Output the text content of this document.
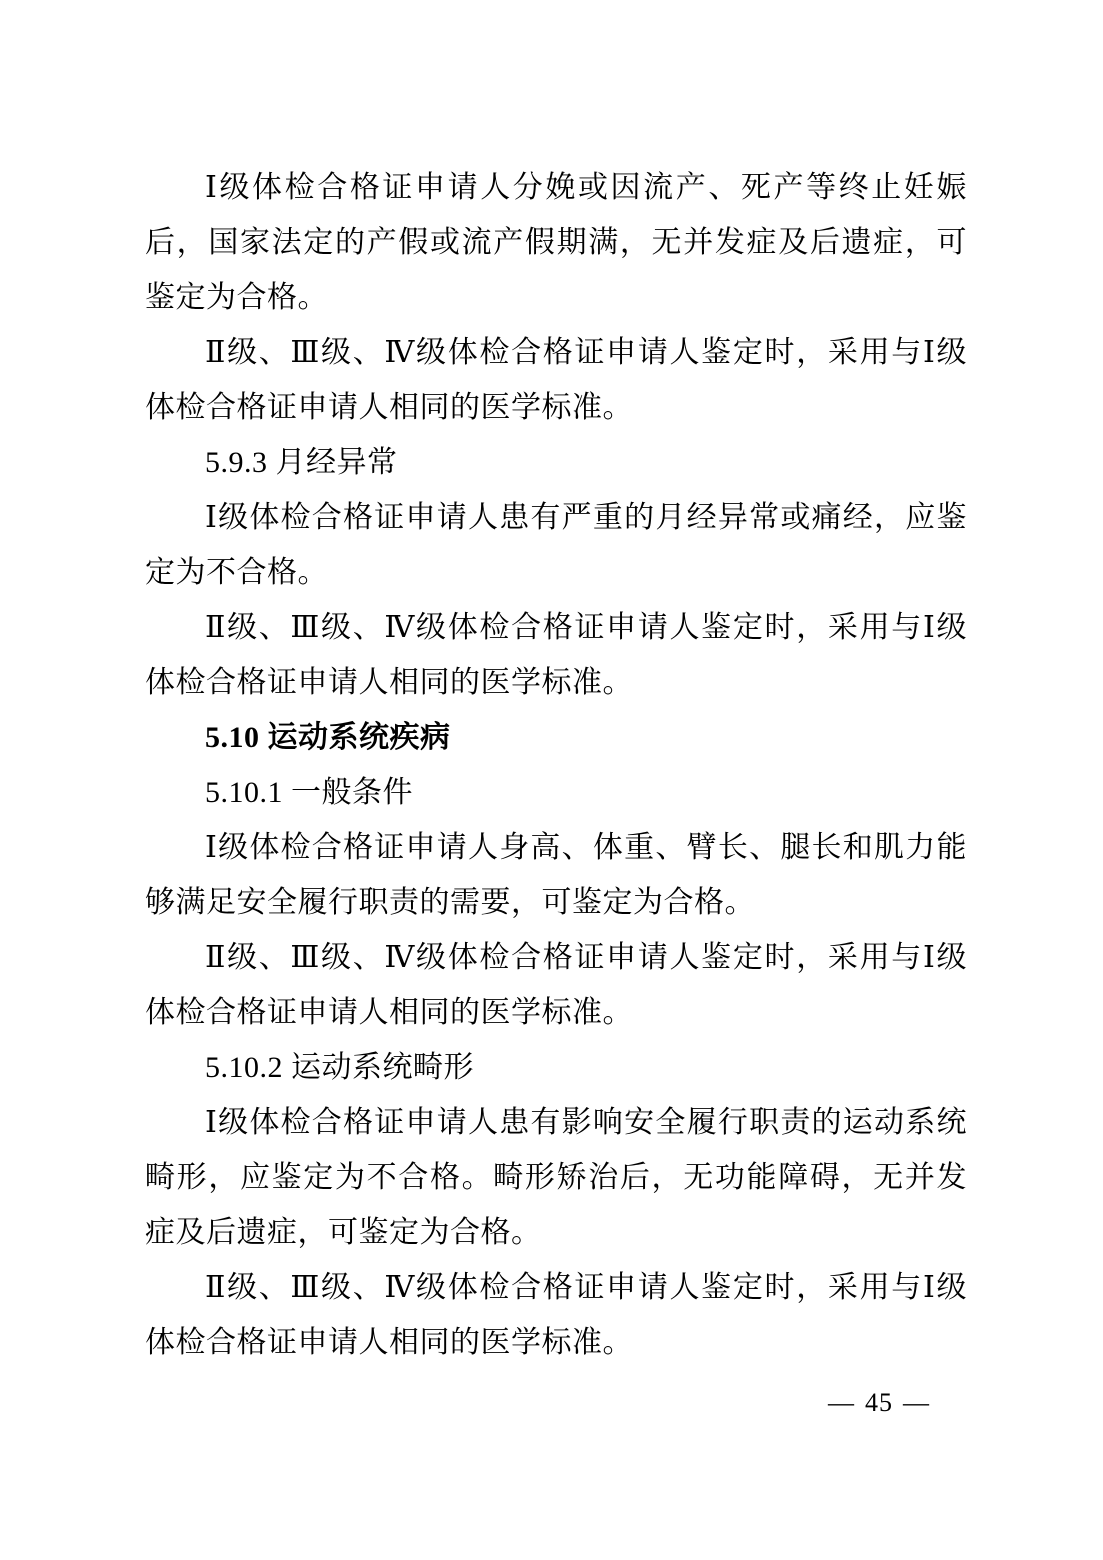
Ⅰ级体检合格证申请人分娩或因流产、死产等终止妊娠后，国家法定的产假或流产假期满，无并发症及后遗症，可鉴定为合格。

Ⅱ级、Ⅲ级、Ⅳ级体检合格证申请人鉴定时，采用与Ⅰ级体检合格证申请人相同的医学标准。

5.9.3 月经异常

Ⅰ级体检合格证申请人患有严重的月经异常或痛经，应鉴定为不合格。

Ⅱ级、Ⅲ级、Ⅳ级体检合格证申请人鉴定时，采用与Ⅰ级体检合格证申请人相同的医学标准。

5.10 运动系统疾病

5.10.1 一般条件

Ⅰ级体检合格证申请人身高、体重、臂长、腿长和肌力能够满足安全履行职责的需要，可鉴定为合格。

Ⅱ级、Ⅲ级、Ⅳ级体检合格证申请人鉴定时，采用与Ⅰ级体检合格证申请人相同的医学标准。

5.10.2 运动系统畸形

Ⅰ级体检合格证申请人患有影响安全履行职责的运动系统畸形，应鉴定为不合格。畸形矫治后，无功能障碍，无并发症及后遗症，可鉴定为合格。

Ⅱ级、Ⅲ级、Ⅳ级体检合格证申请人鉴定时，采用与Ⅰ级体检合格证申请人相同的医学标准。

— 45 —
